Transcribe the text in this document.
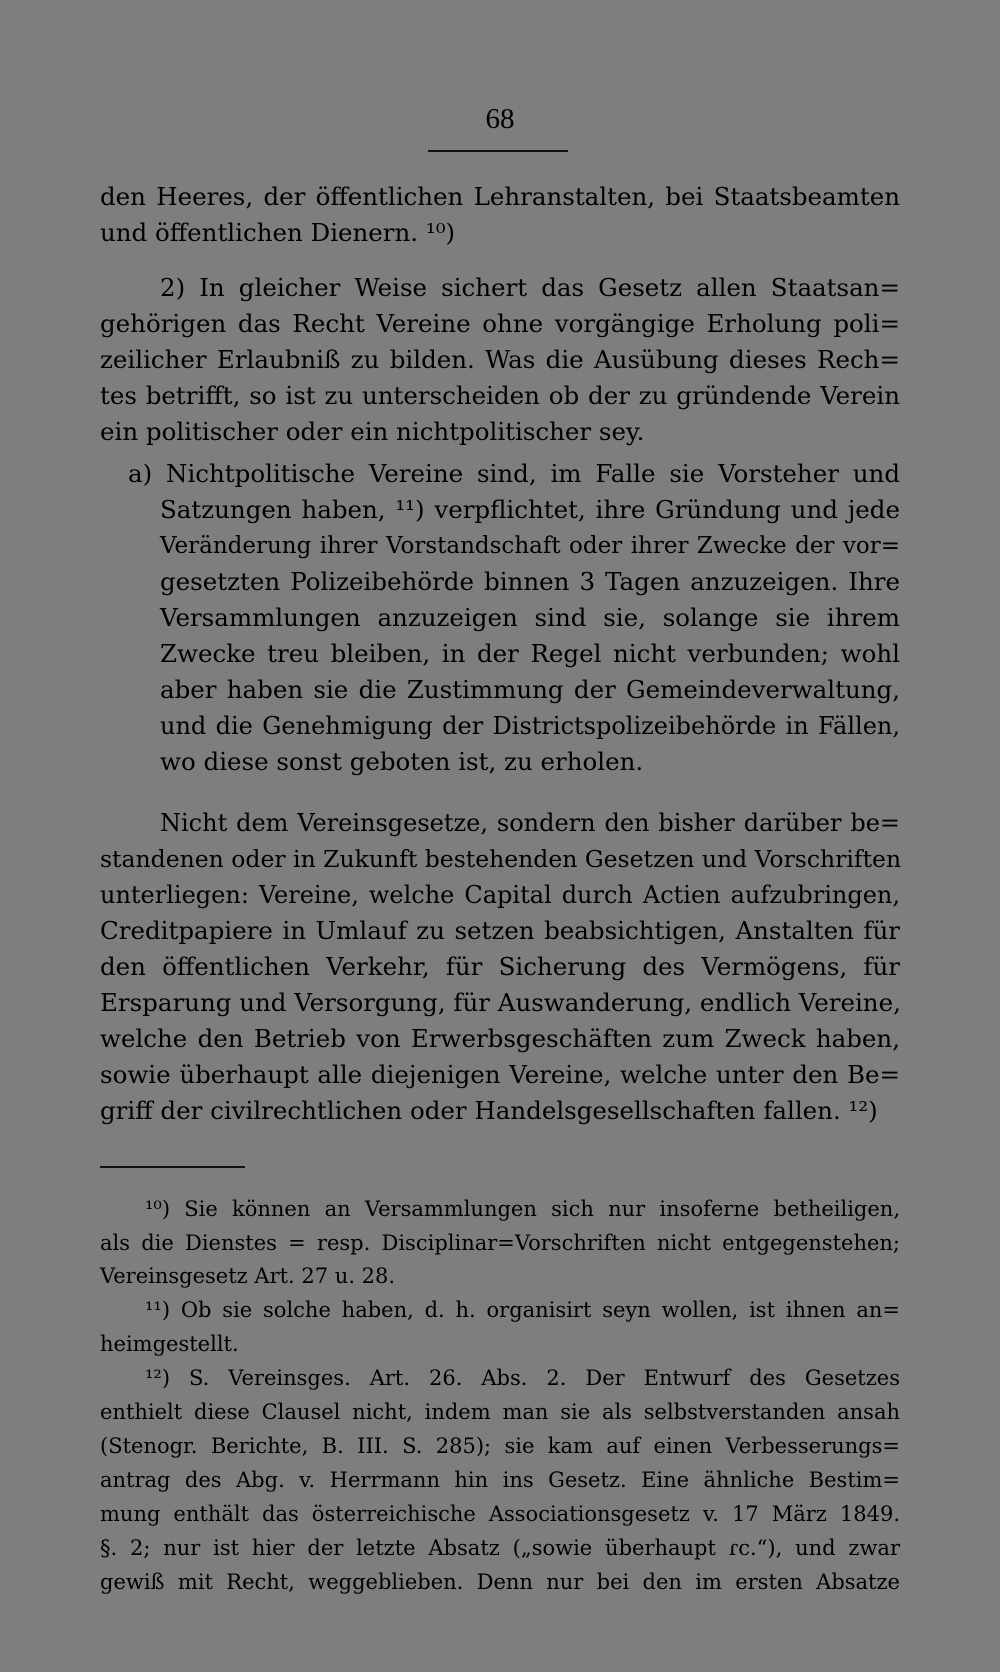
68
den Heeres, der öffentlichen Lehranstalten, bei Staatsbeamten
und öffentlichen Dienern. ¹⁰)
2) In gleicher Weise sichert das Gesetz allen Staatsan=
gehörigen das Recht Vereine ohne vorgängige Erholung poli=
zeilicher Erlaubniß zu bilden. Was die Ausübung dieses Rech=
tes betrifft, so ist zu unterscheiden ob der zu gründende Verein
ein politischer oder ein nichtpolitischer sey.
a) Nichtpolitische Vereine sind, im Falle sie Vorsteher und
Satzungen haben, ¹¹) verpflichtet, ihre Gründung und jede
Veränderung ihrer Vorstandschaft oder ihrer Zwecke der vor=
gesetzten Polizeibehörde binnen 3 Tagen anzuzeigen. Ihre
Versammlungen anzuzeigen sind sie, solange sie ihrem
Zwecke treu bleiben, in der Regel nicht verbunden; wohl
aber haben sie die Zustimmung der Gemeindeverwaltung,
und die Genehmigung der Districtspolizeibehörde in Fällen,
wo diese sonst geboten ist, zu erholen.
Nicht dem Vereinsgesetze, sondern den bisher darüber be=
standenen oder in Zukunft bestehenden Gesetzen und Vorschriften
unterliegen: Vereine, welche Capital durch Actien aufzubringen,
Creditpapiere in Umlauf zu setzen beabsichtigen, Anstalten für
den öffentlichen Verkehr, für Sicherung des Vermögens, für
Ersparung und Versorgung, für Auswanderung, endlich Vereine,
welche den Betrieb von Erwerbsgeschäften zum Zweck haben,
sowie überhaupt alle diejenigen Vereine, welche unter den Be=
griff der civilrechtlichen oder Handelsgesellschaften fallen. ¹²)
¹⁰) Sie können an Versammlungen sich nur insoferne betheiligen,
als die Dienstes = resp. Disciplinar=Vorschriften nicht entgegenstehen;
Vereinsgesetz Art. 27 u. 28.
¹¹) Ob sie solche haben, d. h. organisirt seyn wollen, ist ihnen an=
heimgestellt.
¹²) S. Vereinsges. Art. 26. Abs. 2. Der Entwurf des Gesetzes
enthielt diese Clausel nicht, indem man sie als selbstverstanden ansah
(Stenogr. Berichte, B. III. S. 285); sie kam auf einen Verbesserungs=
antrag des Abg. v. Herrmann hin ins Gesetz. Eine ähnliche Bestim=
mung enthält das österreichische Associationsgesetz v. 17 März 1849.
§. 2; nur ist hier der letzte Absatz („sowie überhaupt ɾc.“), und zwar
gewiß mit Recht, weggeblieben. Denn nur bei den im ersten Absatze
